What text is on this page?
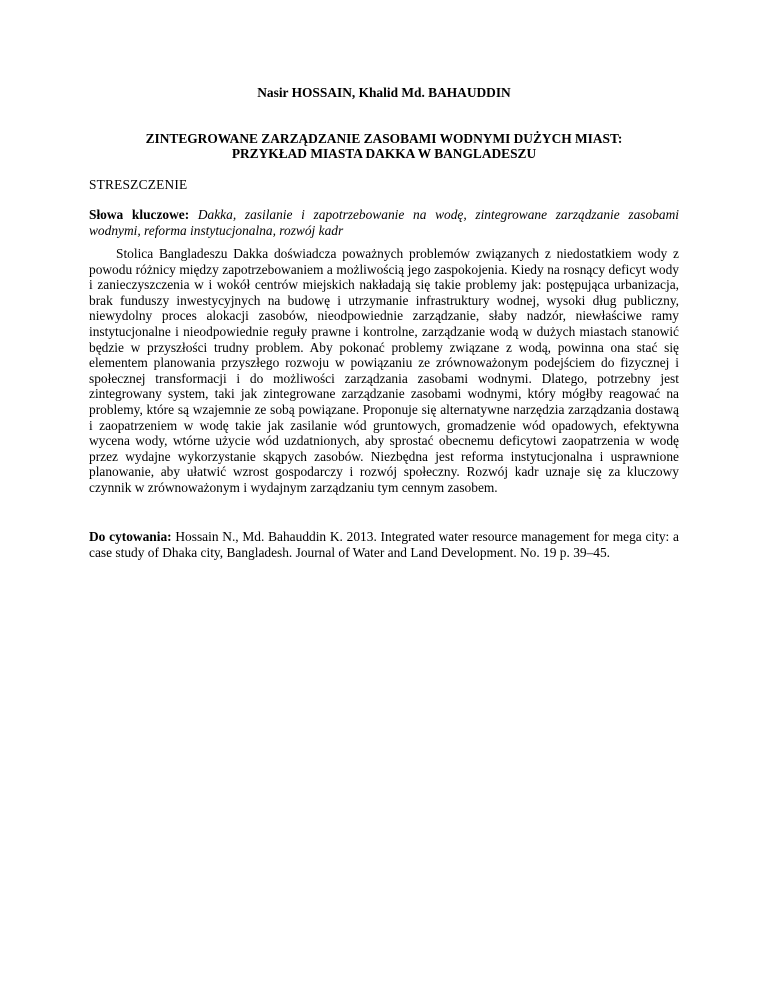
Nasir HOSSAIN, Khalid Md. BAHAUDDIN
ZINTEGROWANE ZARZĄDZANIE ZASOBAMI WODNYMI DUŻYCH MIAST:
PRZYKŁAD MIASTA DAKKA W BANGLADESZU
STRESZCZENIE
Słowa kluczowe: Dakka, zasilanie i zapotrzebowanie na wodę, zintegrowane zarządzanie zasobami wodnymi, reforma instytucjonalna, rozwój kadr

Stolica Bangladeszu Dakka doświadcza poważnych problemów związanych z niedostatkiem wody z powodu różnicy między zapotrzebowaniem a możliwością jego zaspokojenia. Kiedy na rosnący deficyt wody i zanieczyszczenia w i wokół centrów miejskich nakładają się takie problemy jak: postępująca urbanizacja, brak funduszy inwestycyjnych na budowę i utrzymanie infrastruktury wodnej, wysoki dług publiczny, niewydolny proces alokacji zasobów, nieodpowiednie zarządzanie, słaby nadzór, niewłaściwe ramy instytucjonalne i nieodpowiednie reguły prawne i kontrolne, zarządzanie wodą w dużych miastach stanowić będzie w przyszłości trudny problem. Aby pokonać problemy związane z wodą, powinna ona stać się elementem planowania przyszłego rozwoju w powiązaniu ze zrównoważonym podejściem do fizycznej i społecznej transformacji i do możliwości zarządzania zasobami wodnymi. Dlatego, potrzebny jest zintegrowany system, taki jak zintegrowane zarządzanie zasobami wodnymi, który mógłby reagować na problemy, które są wzajemnie ze sobą powiązane. Proponuje się alternatywne narzędzia zarządzania dostawą i zaopatrzeniem w wodę takie jak zasilanie wód gruntowych, gromadzenie wód opadowych, efektywna wycena wody, wtórne użycie wód uzdatnionych, aby sprostać obecnemu deficytowi zaopatrzenia w wodę przez wydajne wykorzystanie skąpych zasobów. Niezbędna jest reforma instytucjonalna i usprawnione planowanie, aby ułatwić wzrost gospodarczy i rozwój społeczny. Rozwój kadr uznaje się za kluczowy czynnik w zrównoważonym i wydajnym zarządzaniu tym cennym zasobem.

Do cytowania: Hossain N., Md. Bahauddin K. 2013. Integrated water resource management for mega city: a case study of Dhaka city, Bangladesh. Journal of Water and Land Development. No. 19 p. 39–45.
